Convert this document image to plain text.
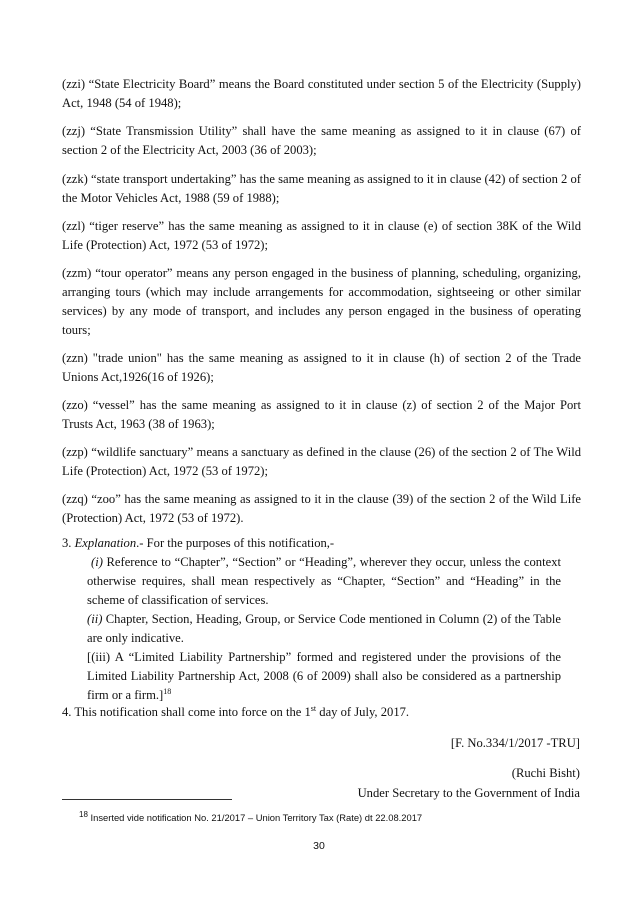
(zzi) “State Electricity Board” means the Board constituted under section 5 of the Electricity (Supply) Act, 1948 (54 of 1948);

(zzj) “State Transmission Utility” shall have the same meaning as assigned to it in clause (67) of section 2 of the Electricity Act, 2003 (36 of 2003);

(zzk) “state transport undertaking” has the same meaning as assigned to it in clause (42) of section 2 of the Motor Vehicles Act, 1988 (59 of 1988);

(zzl) “tiger reserve” has the same meaning as assigned to it in clause (e) of section 38K of the Wild Life (Protection) Act, 1972 (53 of 1972);

(zzm) “tour operator” means any person engaged in the business of planning, scheduling, organizing, arranging tours (which may include arrangements for accommodation, sightseeing or other similar services) by any mode of transport, and includes any person engaged in the business of operating tours;

(zzn) "trade union" has the same meaning as assigned to it in clause (h) of section 2 of the Trade Unions Act,1926(16 of 1926);

(zzo) “vessel” has the same meaning as assigned to it in clause (z) of section 2 of the Major Port Trusts Act, 1963 (38 of 1963);

(zzp) “wildlife sanctuary” means a sanctuary as defined in the clause (26) of the section 2 of The Wild Life (Protection) Act, 1972 (53 of 1972);

(zzq) “zoo” has the same meaning as assigned to it in the clause (39) of the section 2 of the Wild Life (Protection) Act, 1972 (53 of 1972).

3. Explanation.- For the purposes of this notification,-

(i) Reference to “Chapter”, “Section” or “Heading”, wherever they occur, unless the context otherwise requires, shall mean respectively as “Chapter, “Section” and “Heading” in the scheme of classification of services.

(ii) Chapter, Section, Heading, Group, or Service Code mentioned in Column (2) of the Table are only indicative.

[(iii) A “Limited Liability Partnership” formed and registered under the provisions of the Limited Liability Partnership Act, 2008 (6 of 2009) shall also be considered as a partnership firm or a firm.]$^{18}$

4. This notification shall come into force on the 1st day of July, 2017.

[F. No.334/1/2017 -TRU]

(Ruchi Bisht)

Under Secretary to the Government of India

$^{18}$ Inserted vide notification No. 21/2017 – Union Territory Tax (Rate) dt 22.08.2017

30
